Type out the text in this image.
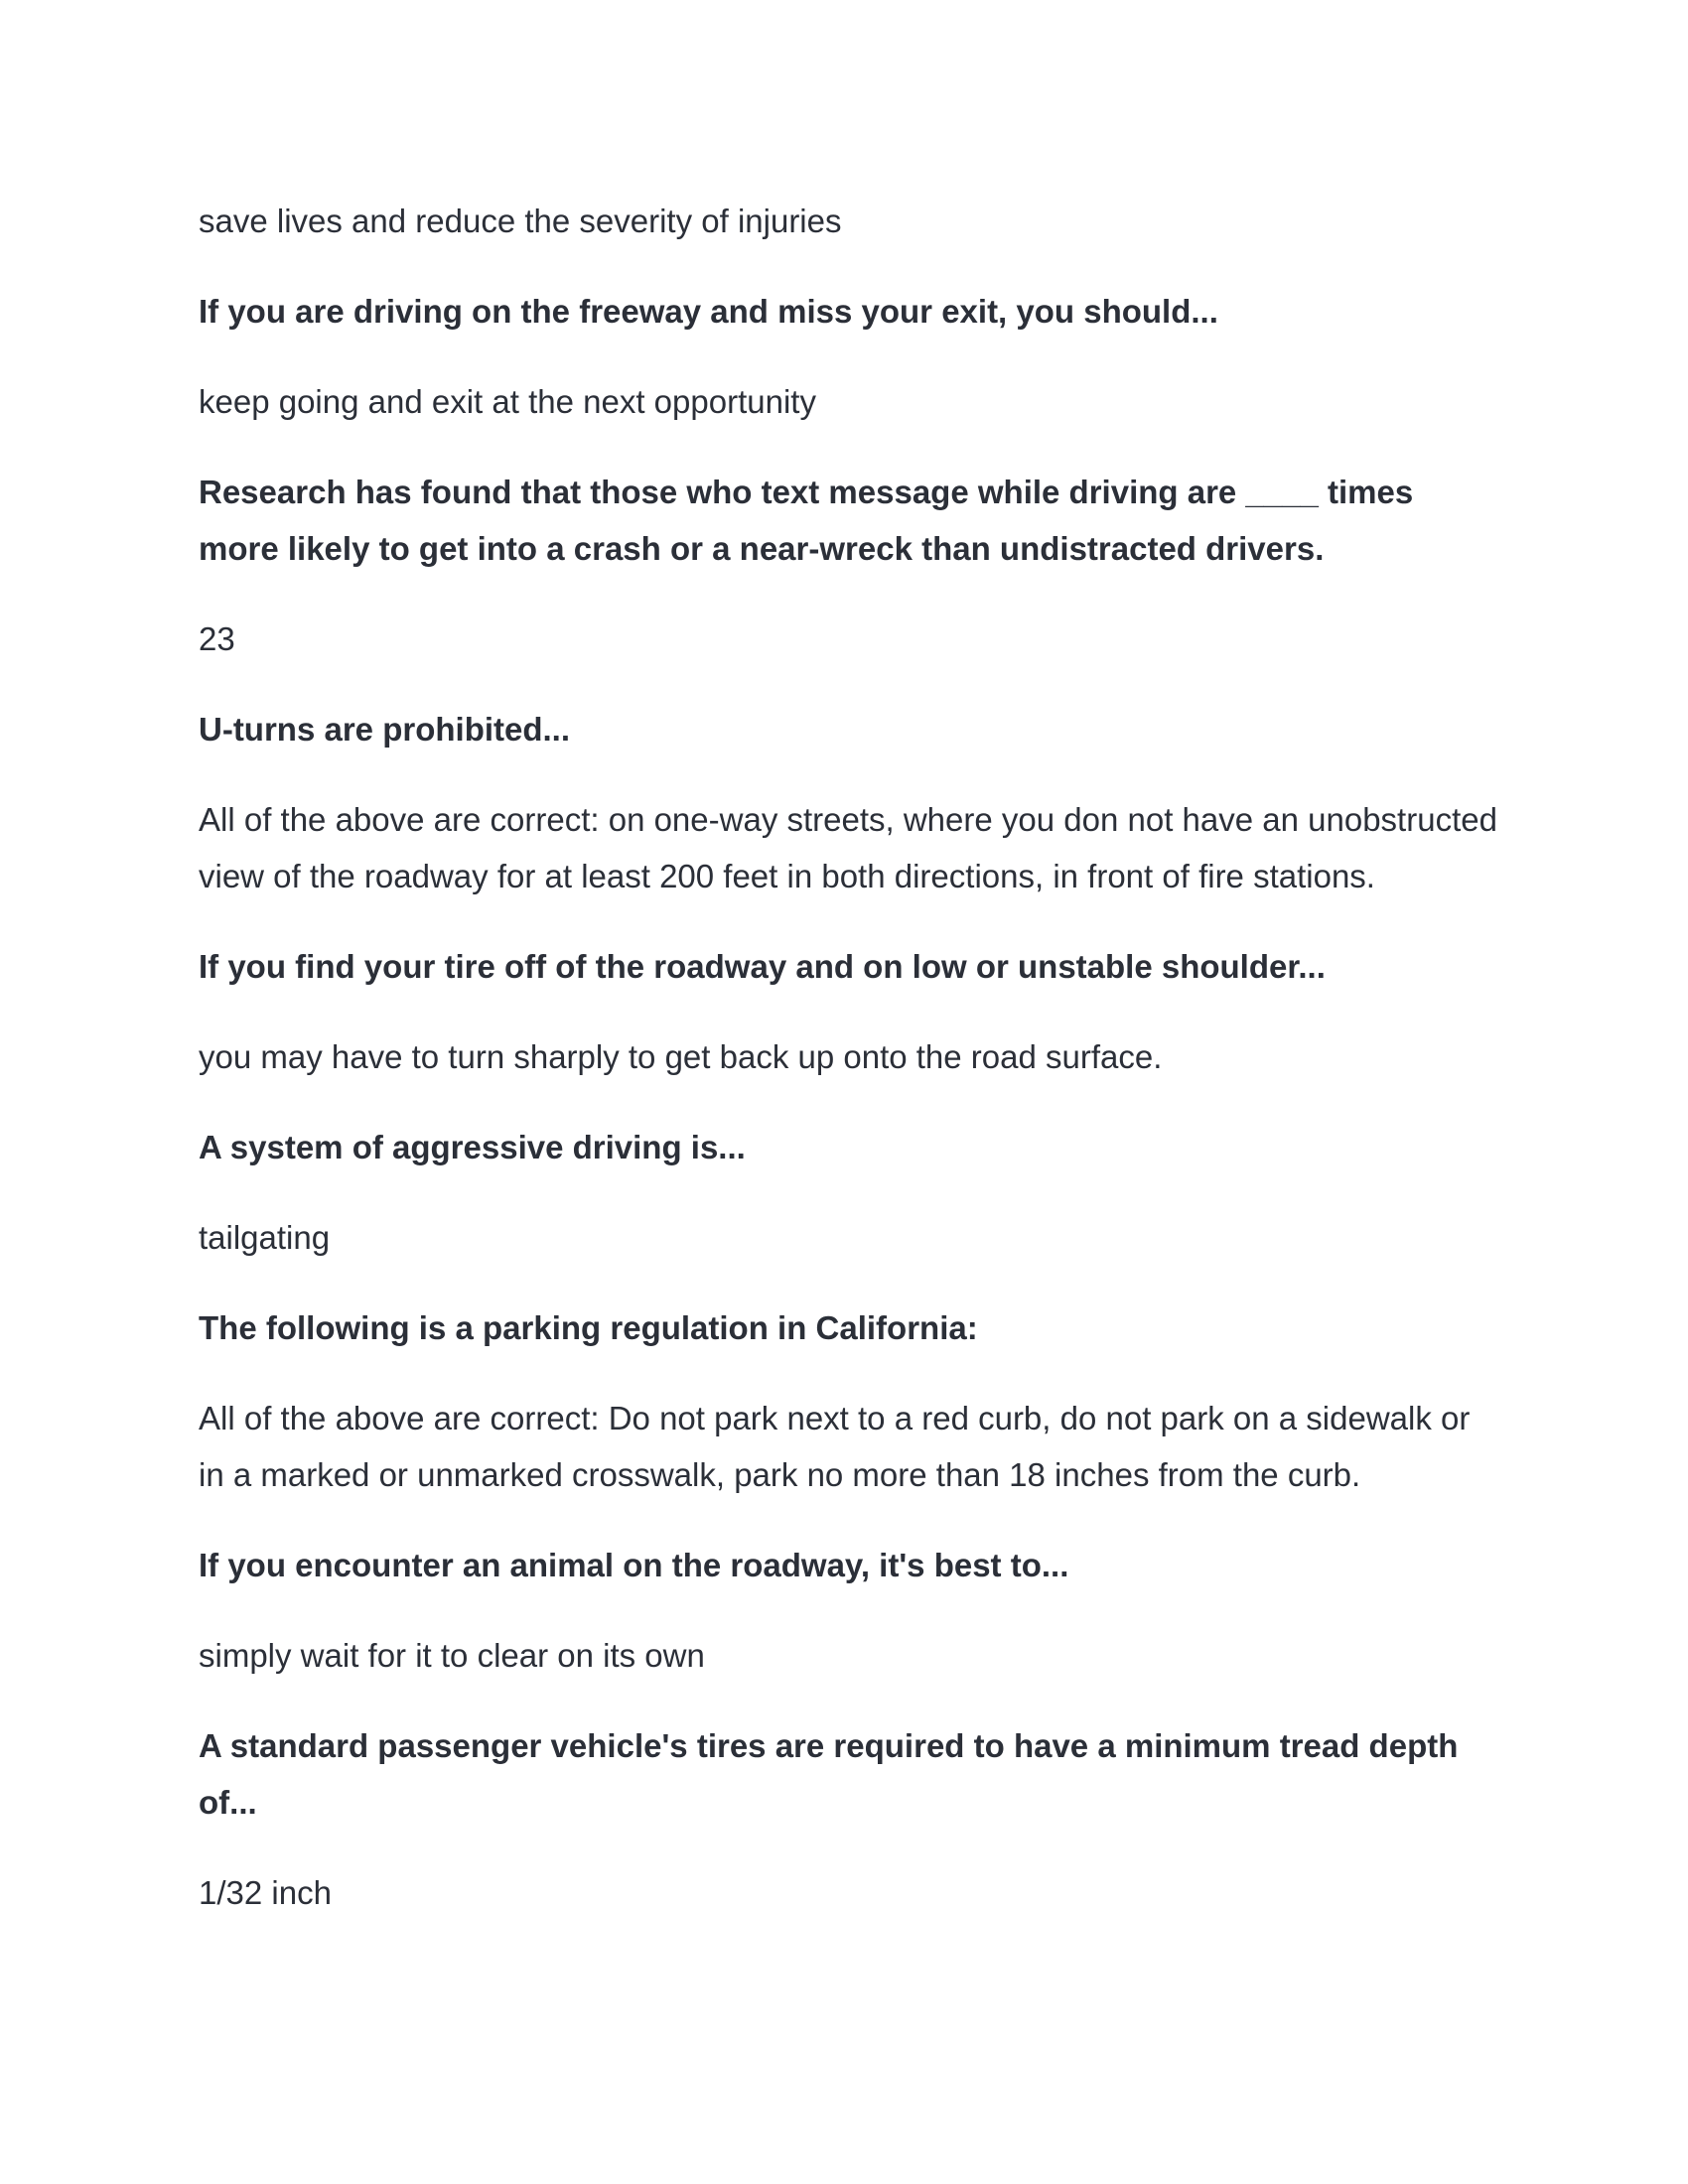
save lives and reduce the severity of injuries

If you are driving on the freeway and miss your exit, you should...

keep going and exit at the next opportunity

Research has found that those who text message while driving are ____ times more likely to get into a crash or a near-wreck than undistracted drivers.

23

U-turns are prohibited...

All of the above are correct: on one-way streets, where you don not have an unobstructed view of the roadway for at least 200 feet in both directions, in front of fire stations.

If you find your tire off of the roadway and on low or unstable shoulder...

you may have to turn sharply to get back up onto the road surface.

A system of aggressive driving is...

tailgating

The following is a parking regulation in California:

All of the above are correct: Do not park next to a red curb, do not park on a sidewalk or in a marked or unmarked crosswalk, park no more than 18 inches from the curb.

If you encounter an animal on the roadway, it's best to...

simply wait for it to clear on its own

A standard passenger vehicle's tires are required to have a minimum tread depth of...

1/32 inch
